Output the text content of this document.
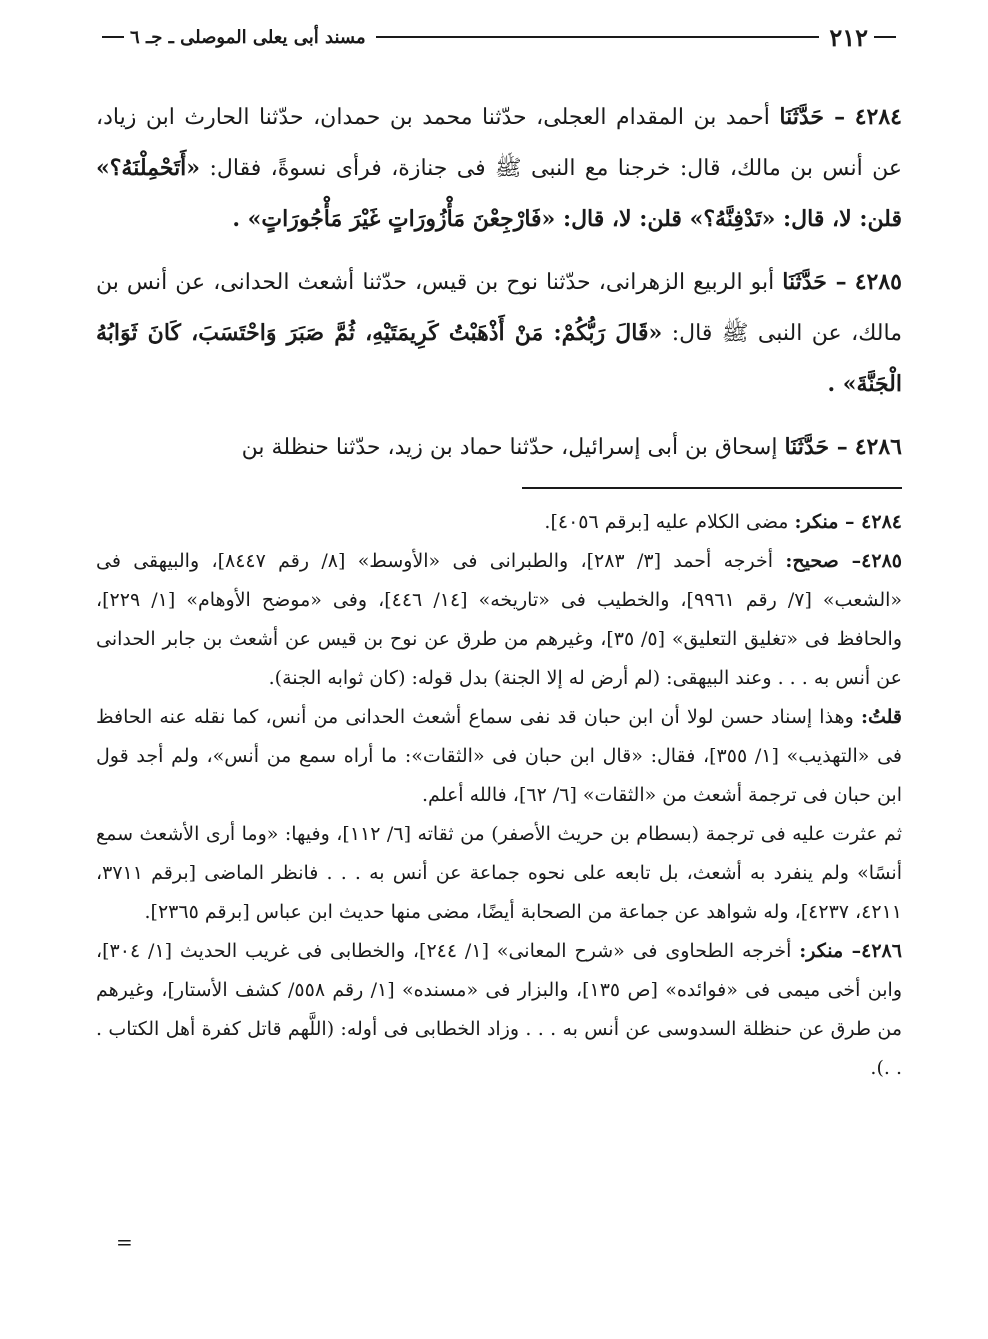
٢١٢
مسند أبى يعلى الموصلى ـ جـ ٦

٤٢٨٤ – حَدَّثَنَا أحمد بن المقدام العجلى، حدّثنا محمد بن حمدان، حدّثنا الحارث ابن زياد، عن أنس بن مالك، قال: خرجنا مع النبى ﷺ فى جنازة، فرأى نسوةً، فقال: «أَتَحْمِلْنَهُ؟» قلن: لا، قال: «تَدْفِنَّهُ؟» قلن: لا، قال: «فَارْجِعْنَ مَأْزُورَاتٍ غَيْرَ مَأْجُورَاتٍ» .

٤٢٨٥ – حَدَّثَنَا أبو الربيع الزهرانى، حدّثنا نوح بن قيس، حدّثنا أشعث الحدانى، عن أنس بن مالك، عن النبى ﷺ قال: «قَالَ رَبُّكُمْ: مَنْ أَذْهَبْتُ كَرِيمَتَيْهِ، ثُمَّ صَبَرَ وَاحْتَسَبَ، كَانَ ثَوَابُهُ الْجَنَّةَ» .

٤٢٨٦ – حَدَّثَنَا إسحاق بن أبى إسرائيل، حدّثنا حماد بن زيد، حدّثنا حنظلة بن

٤٢٨٤ – منكر: مضى الكلام عليه [برقم ٤٠٥٦].

٤٢٨٥– صحيح: أخرجه أحمد [٣/ ٢٨٣]، والطبرانى فى «الأوسط» [٨/ رقم ٨٤٤٧]، والبيهقى فى «الشعب» [٧/ رقم ٩٩٦١]، والخطيب فى «تاريخه» [١٤/ ٤٤٦]، وفى «موضح الأوهام» [١/ ٢٢٩]، والحافظ فى «تغليق التعليق» [٥/ ٣٥]، وغيرهم من طرق عن نوح بن قيس عن أشعث بن جابر الحدانى عن أنس به . . . وعند البيهقى: (لم أرض له إلا الجنة) بدل قوله: (كان ثوابه الجنة).

قلتُ: وهذا إسناد حسن لولا أن ابن حبان قد نفى سماع أشعث الحدانى من أنس، كما نقله عنه الحافظ فى «التهذيب» [١/ ٣٥٥]، فقال: «قال ابن حبان فى «الثقات»: ما أراه سمع من أنس»، ولم أجد قول ابن حبان فى ترجمة أشعث من «الثقات» [٦/ ٦٢]، فالله أعلم.

ثم عثرت عليه فى ترجمة (بسطام بن حريث الأصفر) من ثقاته [٦/ ١١٢]، وفيها: «وما أرى الأشعث سمع أنسًا» ولم ينفرد به أشعث، بل تابعه على نحوه جماعة عن أنس به . . . فانظر الماضى [برقم ٣٧١١، ٤٢١١، ٤٢٣٧]، وله شواهد عن جماعة من الصحابة أيضًا، مضى منها حديث ابن عباس [برقم ٢٣٦٥].

٤٢٨٦– منكر: أخرجه الطحاوى فى «شرح المعانى» [١/ ٢٤٤]، والخطابى فى غريب الحديث [١/ ٣٠٤]، وابن أخى ميمى فى «فوائده» [ص ١٣٥]، والبزار فى «مسنده» [١/ رقم ٥٥٨/ كشف الأستار]، وغيرهم من طرق عن حنظلة السدوسى عن أنس به . . . وزاد الخطابى فى أوله: (اللَّهم قاتل كفرة أهل الكتاب . . .).

=
